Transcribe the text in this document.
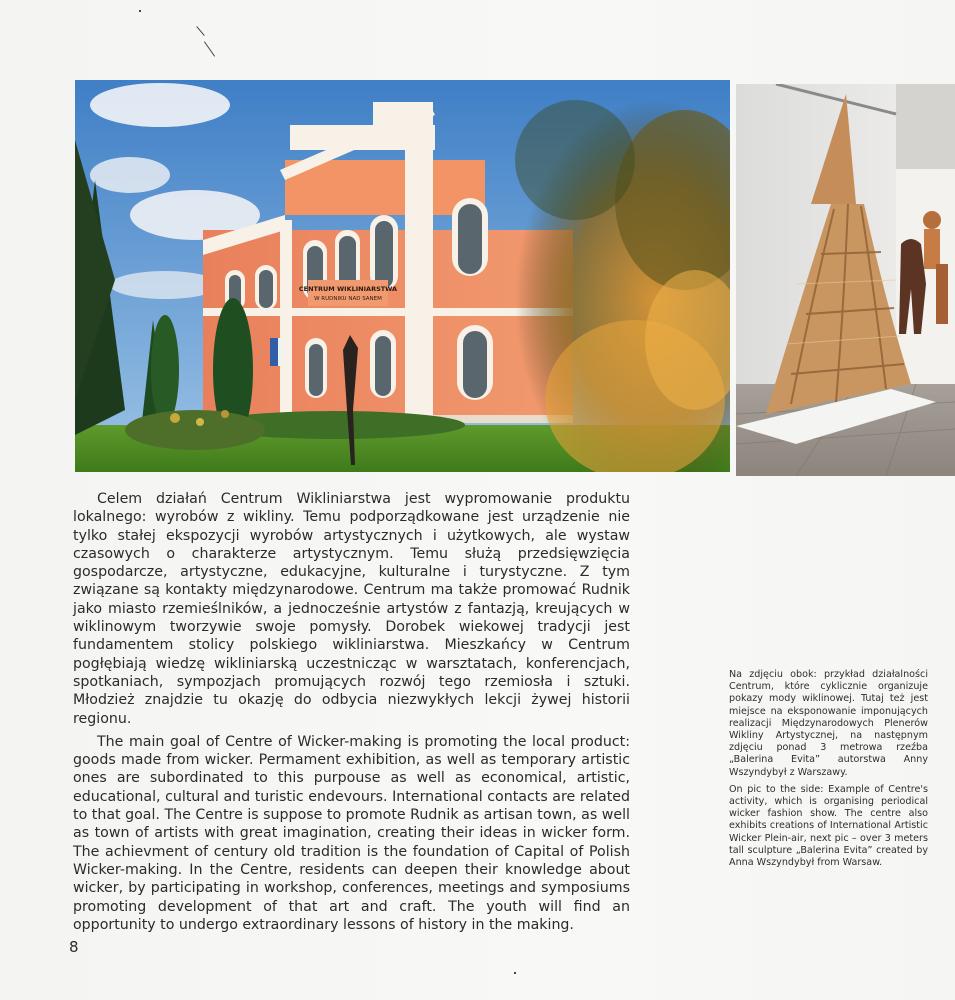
CENTRUM WIKLINIARSTWA
W RUDNIKU NAD SANEM

Celem działań Centrum Wikliniarstwa jest wypromowanie produktu lokalnego: wyrobów z wikliny. Temu podporządkowane jest urządzenie nie tylko stałej ekspozycji wyrobów artystycznych i użytkowych, ale wystaw czasowych o charakterze artystycznym. Temu służą przedsięwzięcia gospodarcze, artystyczne, edukacyjne, kulturalne i turystyczne. Z tym związane są kontakty międzynarodowe. Centrum ma także promować Rudnik jako miasto rzemieślników, a jednocześnie artystów z fantazją, kreujących w wiklinowym tworzywie swoje pomysły. Dorobek wiekowej tradycji jest fundamentem stolicy polskiego wikliniarstwa. Mieszkańcy w Centrum pogłębiają wiedzę wikliniarską uczestnicząc w warsztatach, konferencjach, spotkaniach, sympozjach promujących rozwój tego rzemiosła i sztuki. Młodzież znajdzie tu okazję do odbycia niezwykłych lekcji żywej historii regionu.

The main goal of Centre of Wicker-making is promoting the local product: goods made from wicker. Permament exhibition, as well as temporary artistic ones are subordinated to this purpouse as well as economical, artistic, educational, cultural and turistic endevours. International contacts are related to that goal. The Centre is suppose to promote Rudnik as artisan town, as well as town of artists with great imagination, creating their ideas in wicker form. The achievment of century old tradition is the foundation of Capital of Polish Wicker-making. In the Centre, residents can deepen their knowledge about wicker, by participating in workshop, conferences, meetings and symposiums promoting development of that art and craft. The youth will find an opportunity to undergo extraordinary lessons of history in the making.

Na zdjęciu obok: przykład działalności Centrum, które cyklicznie organizuje pokazy mody wiklinowej. Tutaj też jest miejsce na eksponowanie imponujących realizacji Międzynarodowych Plenerów Wikliny Artystycznej, na następnym zdjęciu ponad 3 metrowa rzeźba „Balerina Evita” autorstwa Anny Wszyndybył z Warszawy.

On pic to the side: Example of Centre's activity, which is organising periodical wicker fashion show. The centre also exhibits creations of International Artistic Wicker Plein-air, next pic – over 3 meters tall sculpture „Balerina Evita” created by Anna Wszyndybył from Warsaw.

8
